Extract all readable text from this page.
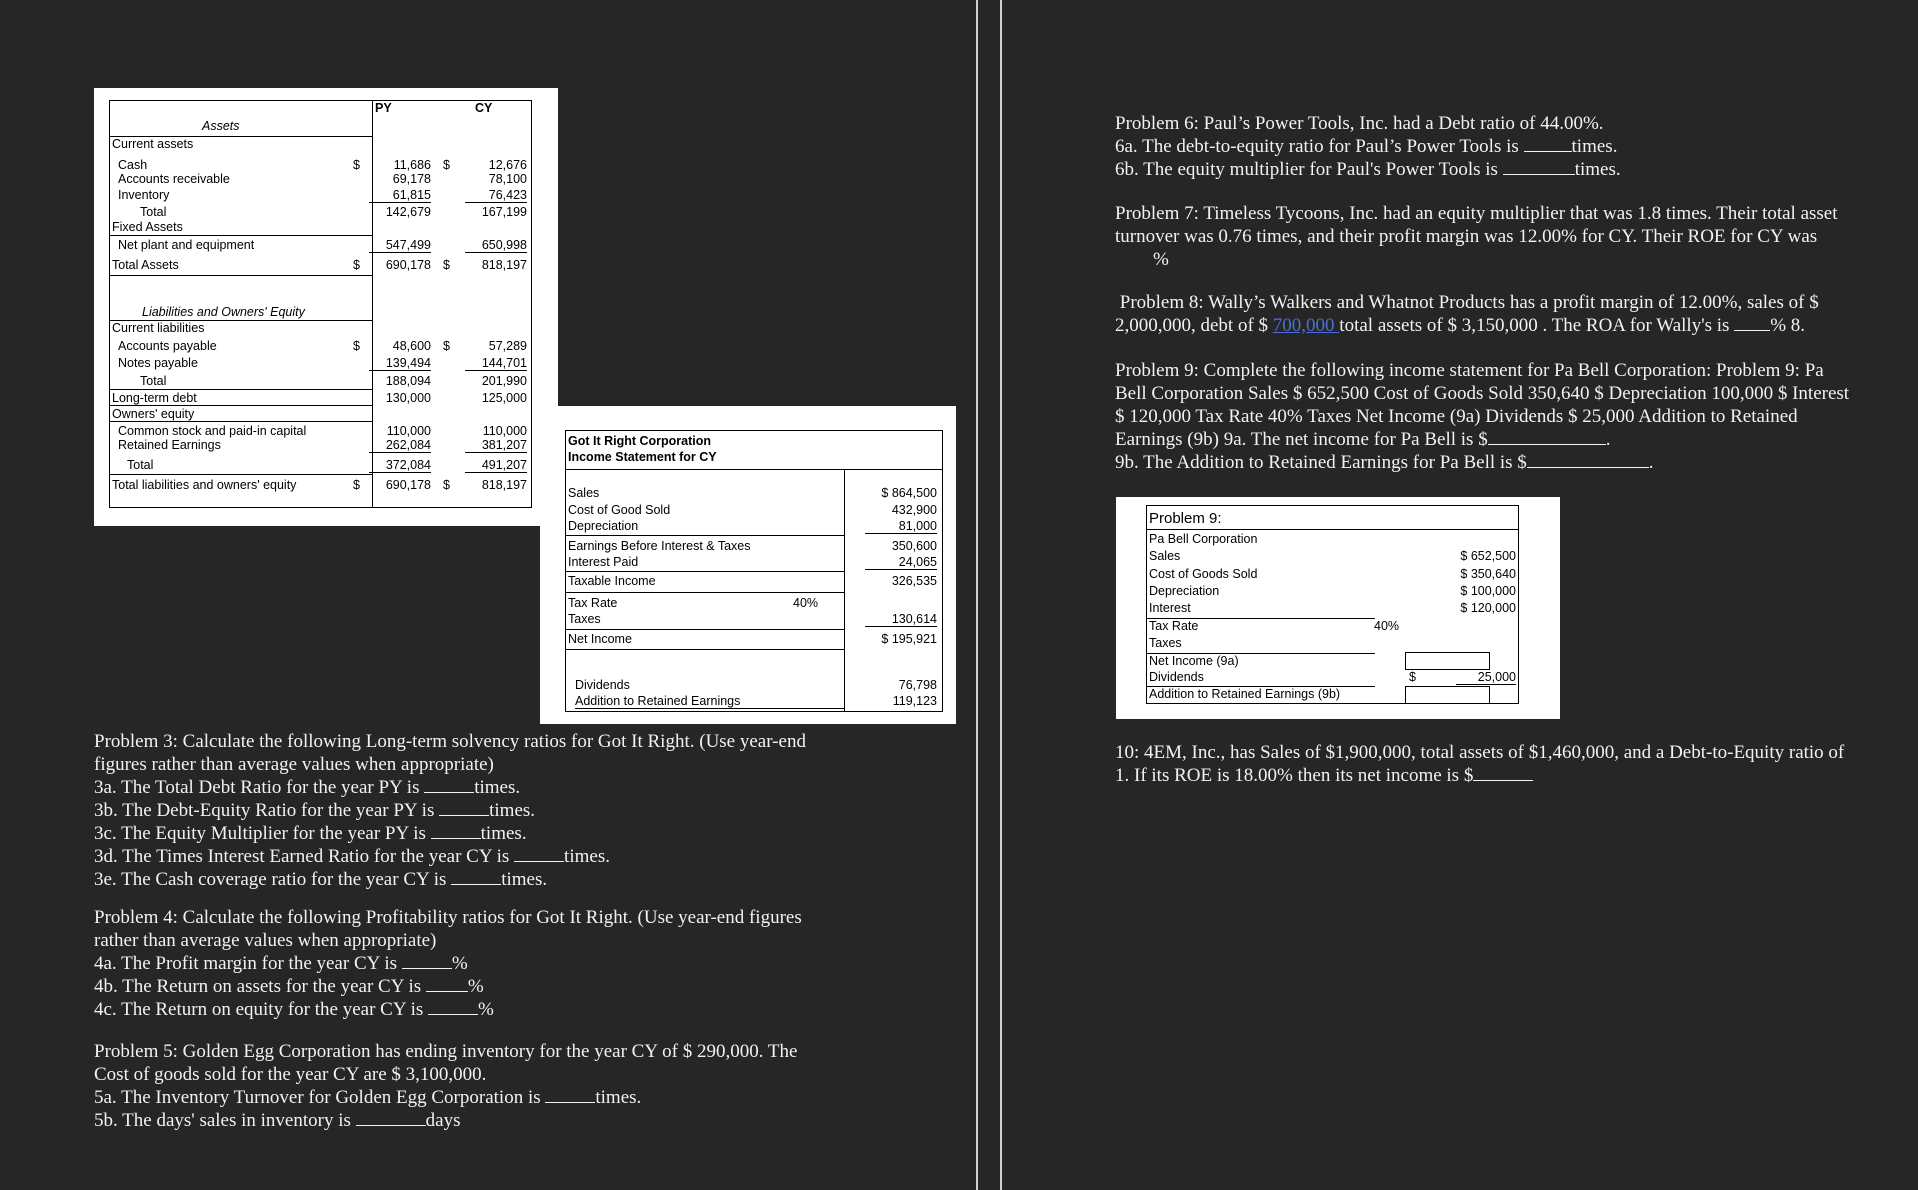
PY	CY
Assets
Current assets
Cash	$	11,686 $	12,676
Accounts receivable	69,178	78,100
Inventory	61,815	76,423
Total	142,679	167,199
Fixed Assets
Net plant and equipment	547,499	650,998
Total Assets	$ 690,178 $	818,197
Liabilities and Owners' Equity
Current liabilities
Accounts payable	$	48,600 $	57,289
Notes payable	139,494	144,701
Total	188,094	201,990
Long-term debt	130,000	125,000
Owners' equity
Common stock and paid-in capital	110,000	110,000
Retained Earnings	262,084	381,207
Total	372,084	491,207
Total liabilities and owners' equity	$ 690,178 $	818,197
Got It Right Corporation
Income Statement for CY
Sales	$ 864,500
Cost of Good Sold	432,900
Depreciation	81,000
Earnings Before Interest & Taxes	350,600
Interest Paid	24,065
Taxable Income	326,535
Tax Rate	40%
Taxes	130,614
Net Income	$ 195,921
Dividends	76,798
Addition to Retained Earnings	119,123
Problem 9:
Pa Bell Corporation
Sales	$ 652,500
Cost of Goods Sold	$ 350,640
Depreciation	$ 100,000
Interest	$ 120,000
Tax Rate	40%
Taxes
Net Income (9a)
Dividends	$	25,000
Addition to Retained Earnings (9b)
Problem 3: Calculate the following Long-term solvency ratios for Got It Right. (Use year-end
figures rather than average values when appropriate)
3a. The Total Debt Ratio for the year PY is	times.
3b. The Debt-Equity Ratio for the year PY is	times.
3c. The Equity Multiplier for the year PY is	times.
3d. The Times Interest Earned Ratio for the year CY is	times.
3e. The Cash coverage ratio for the year CY is	times.
Problem 4: Calculate the following Profitability ratios for Got It Right. (Use year-end figures
rather than average values when appropriate)
4a. The Profit margin for the year CY is	%
4b. The Return on assets for the year CY is %
4c. The Return on equity for the year CY is	%
Problem 5: Golden Egg Corporation has ending inventory for the year CY of $ 290,000. The
Cost of goods sold for the year CY are $ 3,100,000.
5a. The Inventory Turnover for Golden Egg Corporation is	times.
5b. The days' sales in inventory is	days
Problem 6: Paul’s Power Tools, Inc. had a Debt ratio of 44.00%.
6a. The debt-to-equity ratio for Paul’s Power Tools is	times.
6b. The equity multiplier for Paul's Power Tools is	times.
Problem 7: Timeless Tycoons, Inc. had an equity multiplier that was 1.8 times. Their total asset
turnover was 0.76 times, and their profit margin was 12.00% for CY. Their ROE for CY was
%
Problem 8: Wally’s Walkers and Whatnot Products has a profit margin of 12.00%, sales of $
2,000,000, debt of $ 700,000 total assets of $ 3,150,000 . The ROA for Wally's is % 8.
Problem 9: Complete the following income statement for Pa Bell Corporation: Problem 9: Pa
Bell Corporation Sales $ 652,500 Cost of Goods Sold 350,640 $ Depreciation 100,000 $ Interest
$ 120,000 Tax Rate 40% Taxes Net Income (9a) Dividends $ 25,000 Addition to Retained
Earnings (9b) 9a. The net income for Pa Bell is $	.
9b. The Addition to Retained Earnings for Pa Bell is $	.
10: 4EM, Inc., has Sales of $1,900,000, total assets of $1,460,000, and a Debt-to-Equity ratio of
1. If its ROE is 18.00% then its net income is $
